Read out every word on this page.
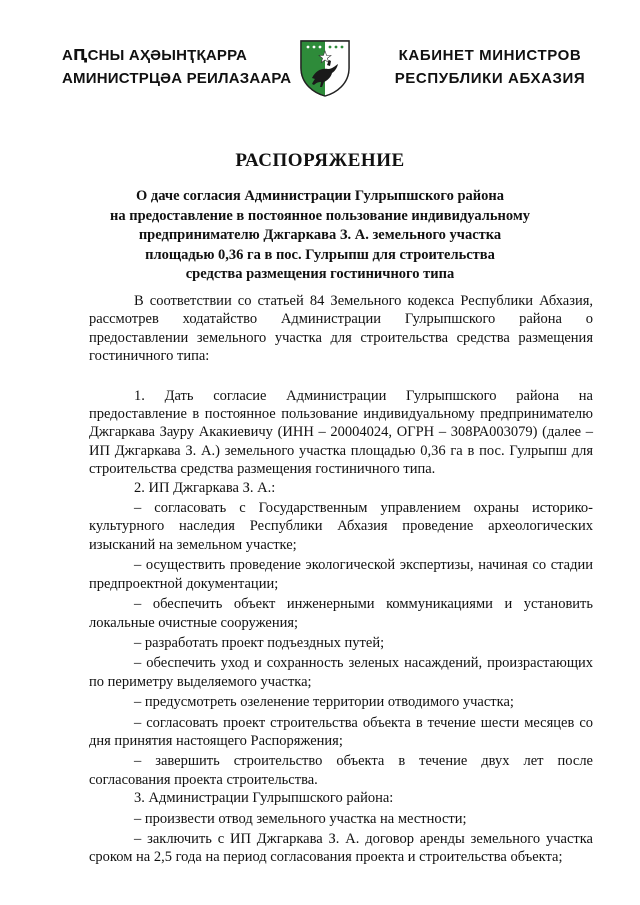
АԤСНЫ АҲӘЫНҬҚАРРА
АМИНИСТРЦӘА РЕИЛАЗААРА
КАБИНЕТ МИНИСТРОВ
РЕСПУБЛИКИ АБХАЗИЯ
РАСПОРЯЖЕНИЕ
О даче согласия Администрации Гулрыпшского района
на предоставление в постоянное пользование индивидуальному
предпринимателю Джгаркава З. А. земельного участка
площадью 0,36 га в пос. Гулрыпш для строительства
средства размещения гостиничного типа

В соответствии со статьей 84 Земельного кодекса Республики Абхазия, рассмотрев ходатайство Администрации Гулрыпшского района о предоставлении земельного участка для строительства средства размещения гостиничного типа:

1. Дать согласие Администрации Гулрыпшского района на предоставление в постоянное пользование индивидуальному предпринимателю Джгаркава Зауру Акакиевичу (ИНН – 20004024, ОГРН – 308РА003079) (далее – ИП Джгаркава З. А.) земельного участка площадью 0,36 га в пос. Гулрыпш для строительства средства размещения гостиничного типа.

2. ИП Джгаркава З. А.:

– согласовать с Государственным управлением охраны историко-культурного наследия Республики Абхазия проведение археологических изысканий на земельном участке;

– осуществить проведение экологической экспертизы, начиная со стадии предпроектной документации;

– обеспечить объект инженерными коммуникациями и установить локальные очистные сооружения;

– разработать проект подъездных путей;

– обеспечить уход и сохранность зеленых насаждений, произрастающих по периметру выделяемого участка;

– предусмотреть озеленение территории отводимого участка;

– согласовать проект строительства объекта в течение шести месяцев со дня принятия настоящего Распоряжения;

– завершить строительство объекта в течение двух лет после согласования проекта строительства.

3. Администрации Гулрыпшского района:

– произвести отвод земельного участка на местности;

– заключить с ИП Джгаркава З. А. договор аренды земельного участка сроком на 2,5 года на период согласования проекта и строительства объекта;
